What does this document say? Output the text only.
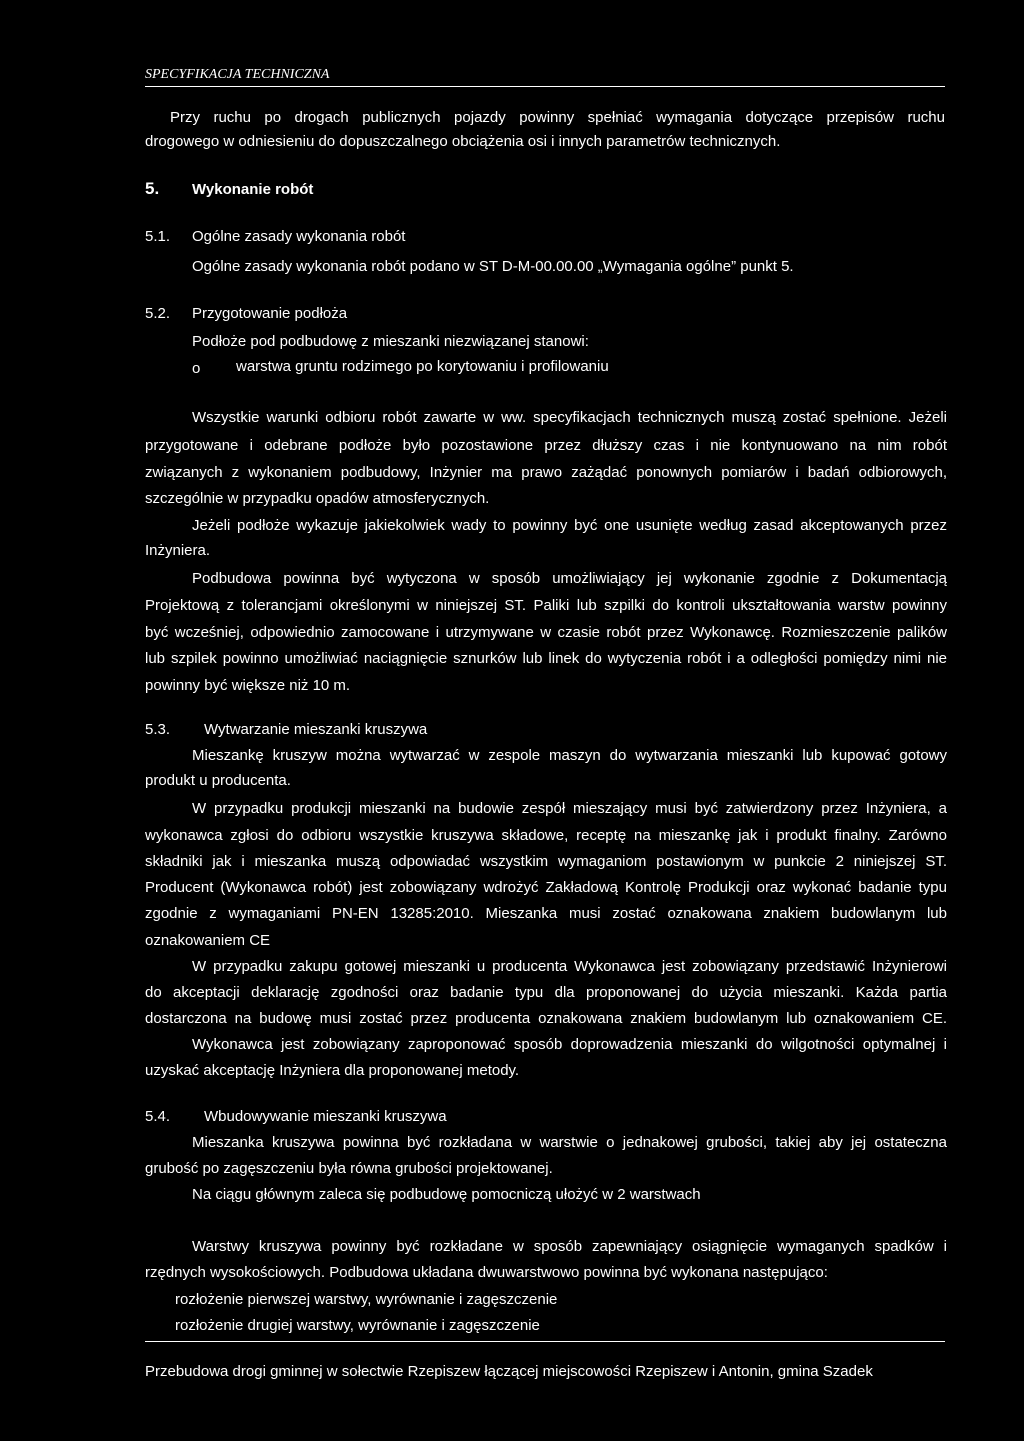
SPECYFIKACJA TECHNICZNA
Przy ruchu po drogach publicznych pojazdy powinny spełniać wymagania dotyczące przepisów ruchu
drogowego w odniesieniu do dopuszczalnego obciążenia osi i innych parametrów technicznych.
5. Wykonanie robót
5.1. Ogólne zasady wykonania robót
Ogólne zasady wykonania robót podano w ST D-M-00.00.00 „Wymagania ogólne” punkt 5.
5.2. Przygotowanie podłoża
Podłoże pod podbudowę z mieszanki niezwiązanej stanowi:
o warstwa gruntu rodzimego po korytowaniu i profilowaniu
Wszystkie warunki odbioru robót zawarte w ww. specyfikacjach technicznych muszą zostać spełnione. Jeżeli
przygotowane i odebrane podłoże było pozostawione przez dłuższy czas i nie kontynuowano na nim robót
związanych z wykonaniem podbudowy, Inżynier ma prawo zażądać ponownych pomiarów i badań odbiorowych,
szczególnie w przypadku opadów atmosferycznych.
Jeżeli podłoże wykazuje jakiekolwiek wady to powinny być one usunięte według zasad akceptowanych przez
Inżyniera.
Podbudowa powinna być wytyczona w sposób umożliwiający jej wykonanie zgodnie z Dokumentacją
Projektową z tolerancjami określonymi w niniejszej ST. Paliki lub szpilki do kontroli ukształtowania warstw powinny
być wcześniej, odpowiednio zamocowane i utrzymywane w czasie robót przez Wykonawcę. Rozmieszczenie palików
lub szpilek powinno umożliwiać naciągnięcie sznurków lub linek do wytyczenia robót i a odległości pomiędzy nimi nie
powinny być większe niż 10 m.
5.3. Wytwarzanie mieszanki kruszywa
Mieszankę kruszyw można wytwarzać w zespole maszyn do wytwarzania mieszanki lub kupować gotowy
produkt u producenta.
W przypadku produkcji mieszanki na budowie zespół mieszający musi być zatwierdzony przez Inżyniera, a
wykonawca zgłosi do odbioru wszystkie kruszywa składowe, receptę na mieszankę jak i produkt finalny. Zarówno
składniki jak i mieszanka muszą odpowiadać wszystkim wymaganiom postawionym w punkcie 2 niniejszej ST.
Producent (Wykonawca robót) jest zobowiązany wdrożyć Zakładową Kontrolę Produkcji oraz wykonać badanie typu
zgodnie z wymaganiami PN-EN 13285:2010. Mieszanka musi zostać oznakowana znakiem budowlanym lub
oznakowaniem CE
W przypadku zakupu gotowej mieszanki u producenta Wykonawca jest zobowiązany przedstawić Inżynierowi
do akceptacji deklarację zgodności oraz badanie typu dla proponowanej do użycia mieszanki. Każda partia
dostarczona na budowę musi zostać przez producenta oznakowana znakiem budowlanym lub oznakowaniem CE.
Wykonawca jest zobowiązany zaproponować sposób doprowadzenia mieszanki do wilgotności optymalnej i
uzyskać akceptację Inżyniera dla proponowanej metody.
5.4. Wbudowywanie mieszanki kruszywa
Mieszanka kruszywa powinna być rozkładana w warstwie o jednakowej grubości, takiej aby jej ostateczna
grubość po zagęszczeniu była równa grubości projektowanej.
Na ciągu głównym zaleca się podbudowę pomocniczą ułożyć w 2 warstwach
Warstwy kruszywa powinny być rozkładane w sposób zapewniający osiągnięcie wymaganych spadków i
rzędnych wysokościowych. Podbudowa układana dwuwarstwowo powinna być wykonana następująco:
rozłożenie pierwszej warstwy, wyrównanie i zagęszczenie
rozłożenie drugiej warstwy, wyrównanie i zagęszczenie
Przebudowa drogi gminnej w sołectwie Rzepiszew łączącej miejscowości Rzepiszew i Antonin, gmina Szadek
